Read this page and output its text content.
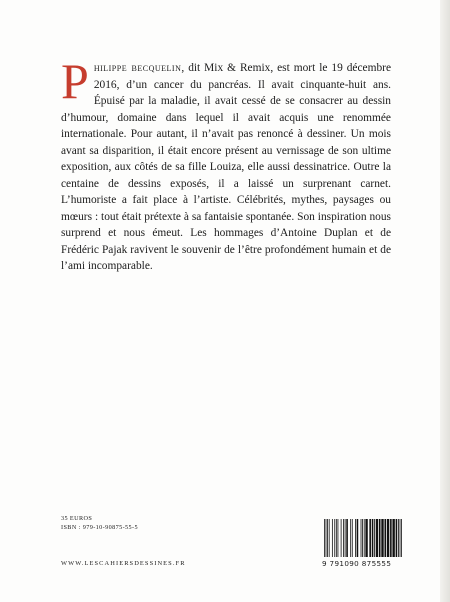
Philippe becquelin, dit Mix & Remix, est mort le 19 décembre 2016, d’un cancer du pancréas. Il avait cinquante-huit ans. Épuisé par la maladie, il avait cessé de se consacrer au dessin d’humour, domaine dans lequel il avait acquis une renommée internationale. Pour autant, il n’avait pas renoncé à dessiner. Un mois avant sa disparition, il était encore présent au vernissage de son ultime exposition, aux côtés de sa fille Louiza, elle aussi dessinatrice. Outre la centaine de dessins exposés, il a laissé un surprenant carnet. L’humoriste a fait place à l’artiste. Célébrités, mythes, paysages ou mœurs : tout était prétexte à sa fantaisie spontanée. Son inspiration nous surprend et nous émeut. Les hommages d’Antoine Duplan et de Frédéric Pajak ravivent le souvenir de l’être profondément humain et de l’ami incomparable.
35 EUROS
ISBN : 979-10-90875-55-5
WWW.LESCAHIERSDESSINES.FR	9 791090 875555
